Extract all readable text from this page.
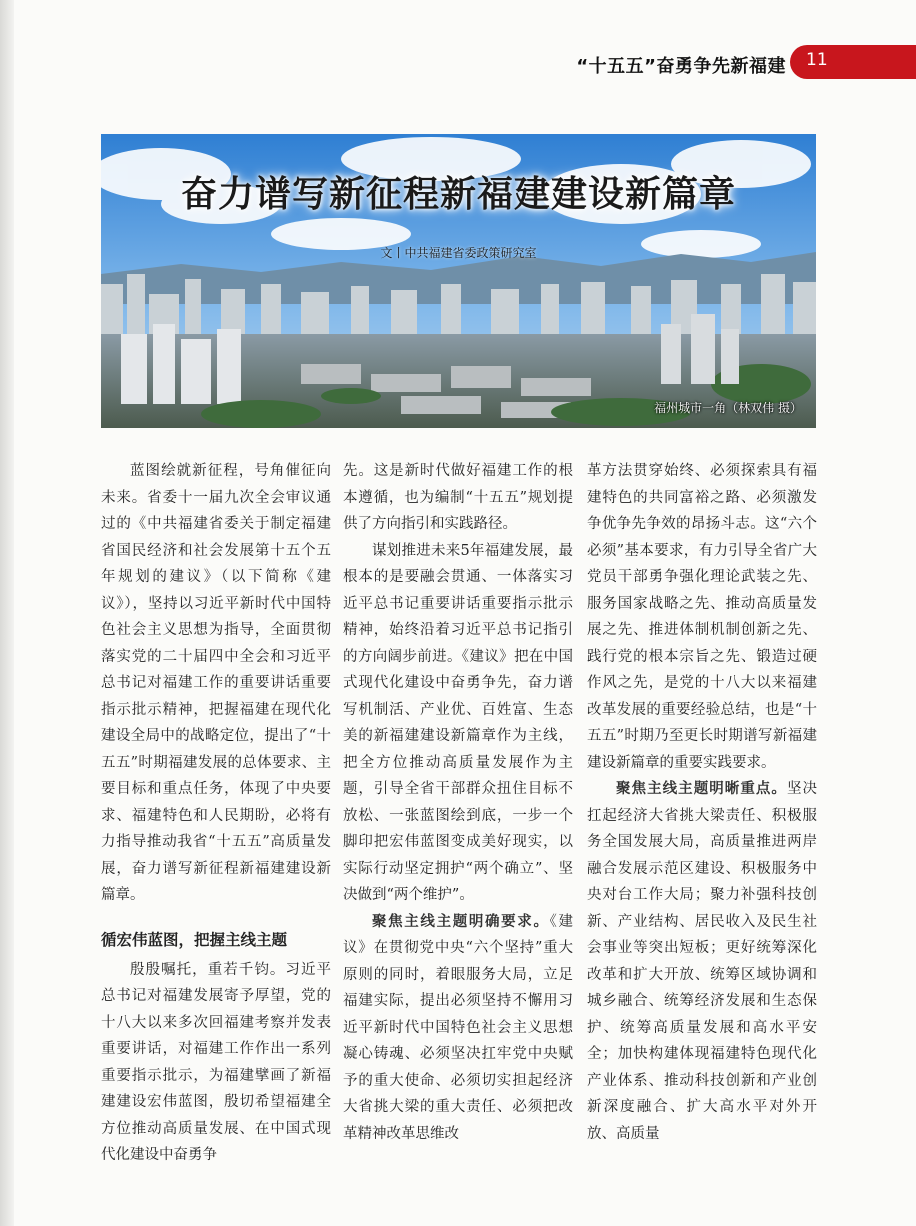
“十五五”奋勇争先新福建 11
奋力谱写新征程新福建建设新篇章
文丨中共福建省委政策研究室
福州城市一角（林双伟 摄）

蓝图绘就新征程，号角催征向未来。省委十一届九次全会审议通过的《中共福建省委关于制定福建省国民经济和社会发展第十五个五年规划的建议》（以下简称《建议》），坚持以习近平新时代中国特色社会主义思想为指导，全面贯彻落实党的二十届四中全会和习近平总书记对福建工作的重要讲话重要指示批示精神，把握福建在现代化建设全局中的战略定位，提出了“十五五”时期福建发展的总体要求、主要目标和重点任务，体现了中央要求、福建特色和人民期盼，必将有力指导推动我省“十五五”高质量发展，奋力谱写新征程新福建建设新篇章。

循宏伟蓝图，把握主线主题

殷殷嘱托，重若千钧。习近平总书记对福建发展寄予厚望，党的十八大以来多次回福建考察并发表重要讲话，对福建工作作出一系列重要指示批示，为福建擘画了新福建建设宏伟蓝图，殷切希望福建全方位推动高质量发展、在中国式现代化建设中奋勇争

先。这是新时代做好福建工作的根本遵循，也为编制“十五五”规划提供了方向指引和实践路径。

谋划推进未来5年福建发展，最根本的是要融会贯通、一体落实习近平总书记重要讲话重要指示批示精神，始终沿着习近平总书记指引的方向阔步前进。《建议》把在中国式现代化建设中奋勇争先，奋力谱写机制活、产业优、百姓富、生态美的新福建建设新篇章作为主线，把全方位推动高质量发展作为主题，引导全省干部群众扭住目标不放松、一张蓝图绘到底，一步一个脚印把宏伟蓝图变成美好现实，以实际行动坚定拥护“两个确立”、坚决做到“两个维护”。

聚焦主线主题明确要求。《建议》在贯彻党中央“六个坚持”重大原则的同时，着眼服务大局，立足福建实际，提出必须坚持不懈用习近平新时代中国特色社会主义思想凝心铸魂、必须坚决扛牢党中央赋予的重大使命、必须切实担起经济大省挑大梁的重大责任、必须把改革精神改革思维改

革方法贯穿始终、必须探索具有福建特色的共同富裕之路、必须激发争优争先争效的昂扬斗志。这“六个必须”基本要求，有力引导全省广大党员干部勇争强化理论武装之先、服务国家战略之先、推动高质量发展之先、推进体制机制创新之先、践行党的根本宗旨之先、锻造过硬作风之先，是党的十八大以来福建改革发展的重要经验总结，也是“十五五”时期乃至更长时期谱写新福建建设新篇章的重要实践要求。

聚焦主线主题明晰重点。坚决扛起经济大省挑大梁责任、积极服务全国发展大局，高质量推进两岸融合发展示范区建设、积极服务中央对台工作大局；聚力补强科技创新、产业结构、居民收入及民生社会事业等突出短板；更好统筹深化改革和扩大开放、统筹区域协调和城乡融合、统筹经济发展和生态保护、统筹高质量发展和高水平安全；加快构建体现福建特色现代化产业体系、推动科技创新和产业创新深度融合、扩大高水平对外开放、高质量
